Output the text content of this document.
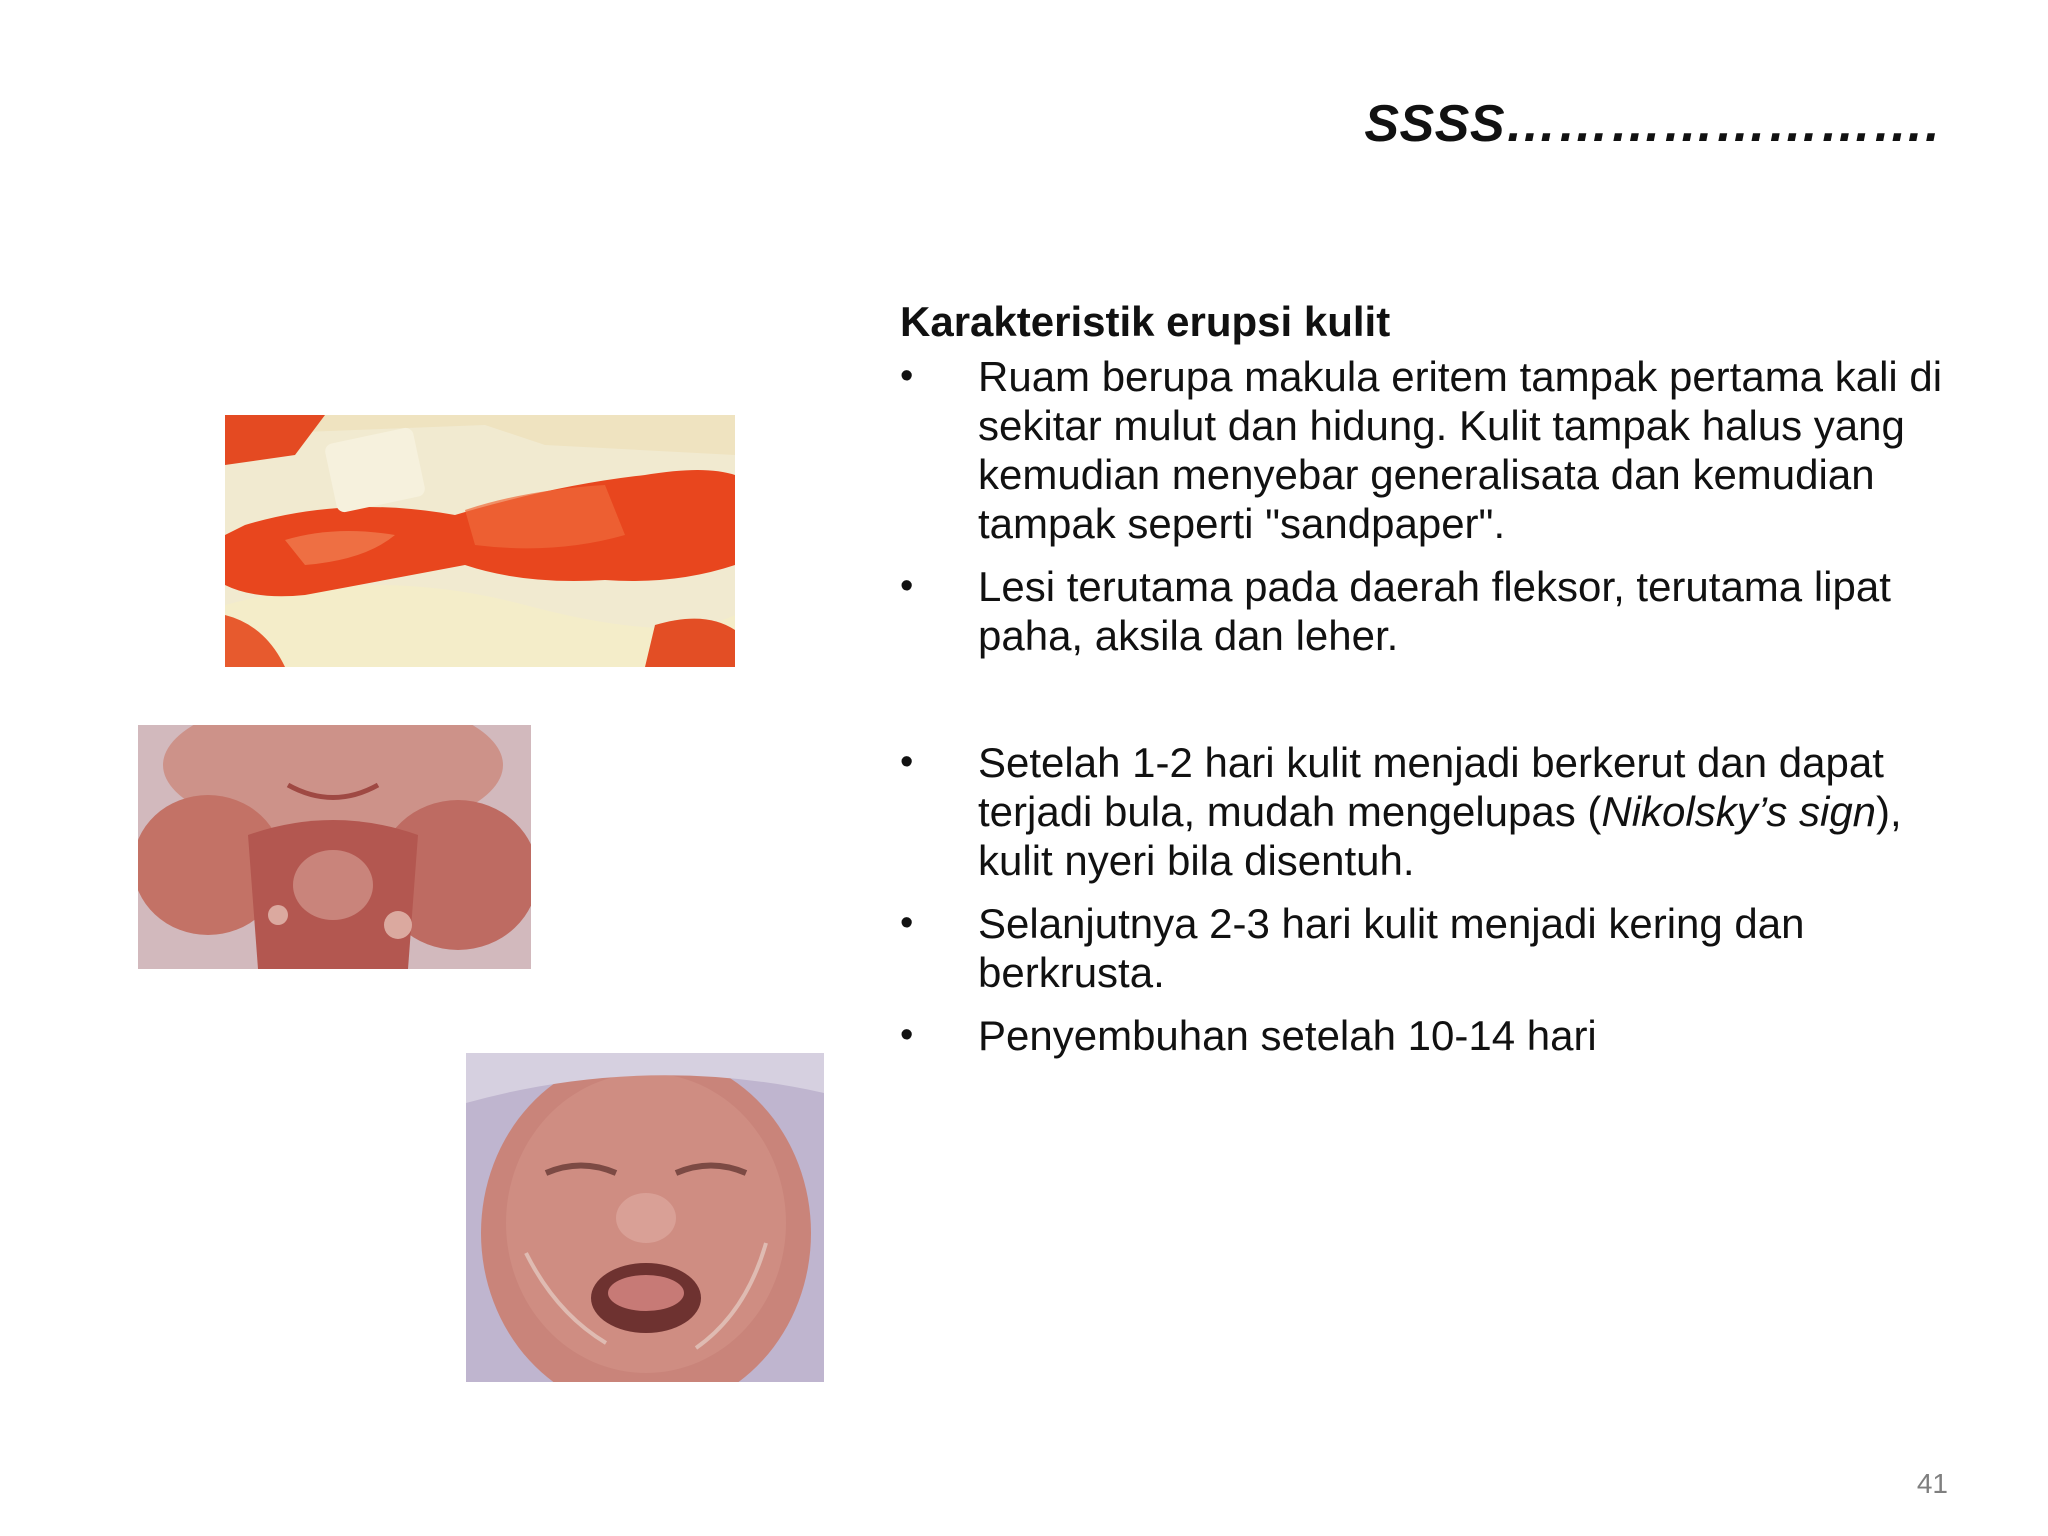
SSSS…………………….
Karakteristik erupsi kulit
•	Ruam berupa makula eritem tampak pertama kali di sekitar mulut dan hidung. Kulit tampak halus yang kemudian menyebar generalisata dan kemudian tampak seperti "sandpaper".
•	Lesi terutama pada daerah fleksor, terutama lipat paha, aksila dan leher.
•	Setelah 1-2 hari kulit menjadi berkerut dan dapat terjadi bula, mudah mengelupas (Nikolsky’s sign), kulit nyeri bila disentuh.
•	Selanjutnya 2-3 hari kulit menjadi kering dan berkrusta.
•	Penyembuhan setelah 10-14 hari
41
